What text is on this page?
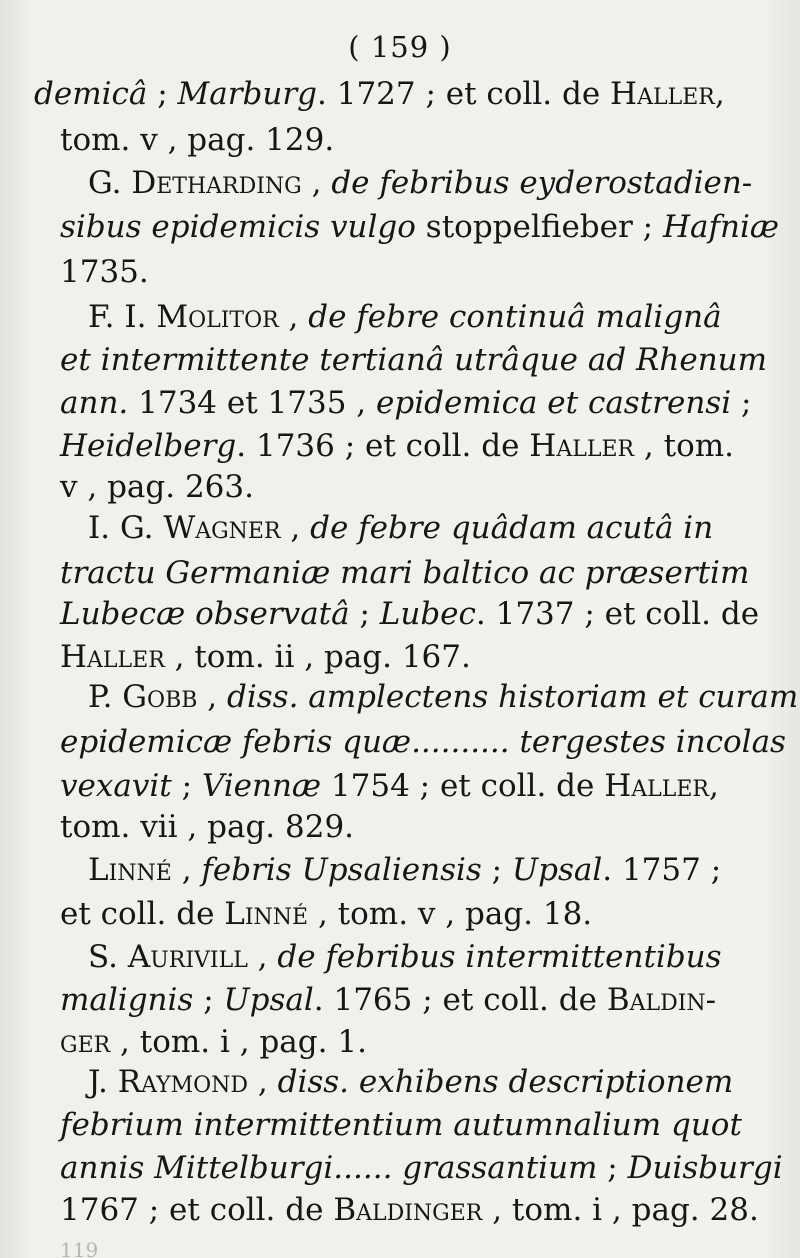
( 159 )
demicâ ; Marburg. 1727 ; et coll. de Haller,
tom. v , pag. 129.
G. Detharding , de febribus eyderostadien-
sibus epidemicis vulgo stoppelfieber ; Hafniæ
1735.
F. I. Molitor , de febre continuâ malignâ
et intermittente tertianâ utrâque ad Rhenum
ann. 1734 et 1735 , epidemica et castrensi ;
Heidelberg. 1736 ; et coll. de Haller , tom.
v , pag. 263.
I. G. Wagner , de febre quâdam acutâ in
tractu Germaniæ mari baltico ac præsertim
Lubecæ observatâ ; Lubec. 1737 ; et coll. de
Haller , tom. ii , pag. 167.
P. Gobb , diss. amplectens historiam et curam
epidemicæ febris quæ.......... tergestes incolas
vexavit ; Viennæ 1754 ; et coll. de Haller,
tom. vii , pag. 829.
Linné , febris Upsaliensis ; Upsal. 1757 ;
et coll. de Linné , tom. v , pag. 18.
S. Aurivill , de febribus intermittentibus
malignis ; Upsal. 1765 ; et coll. de Baldin-
ger , tom. i , pag. 1.
J. Raymond , diss. exhibens descriptionem
febrium intermittentium autumnalium quot
annis Mittelburgi...... grassantium ; Duisburgi
1767 ; et coll. de Baldinger , tom. i , pag. 28.
119
